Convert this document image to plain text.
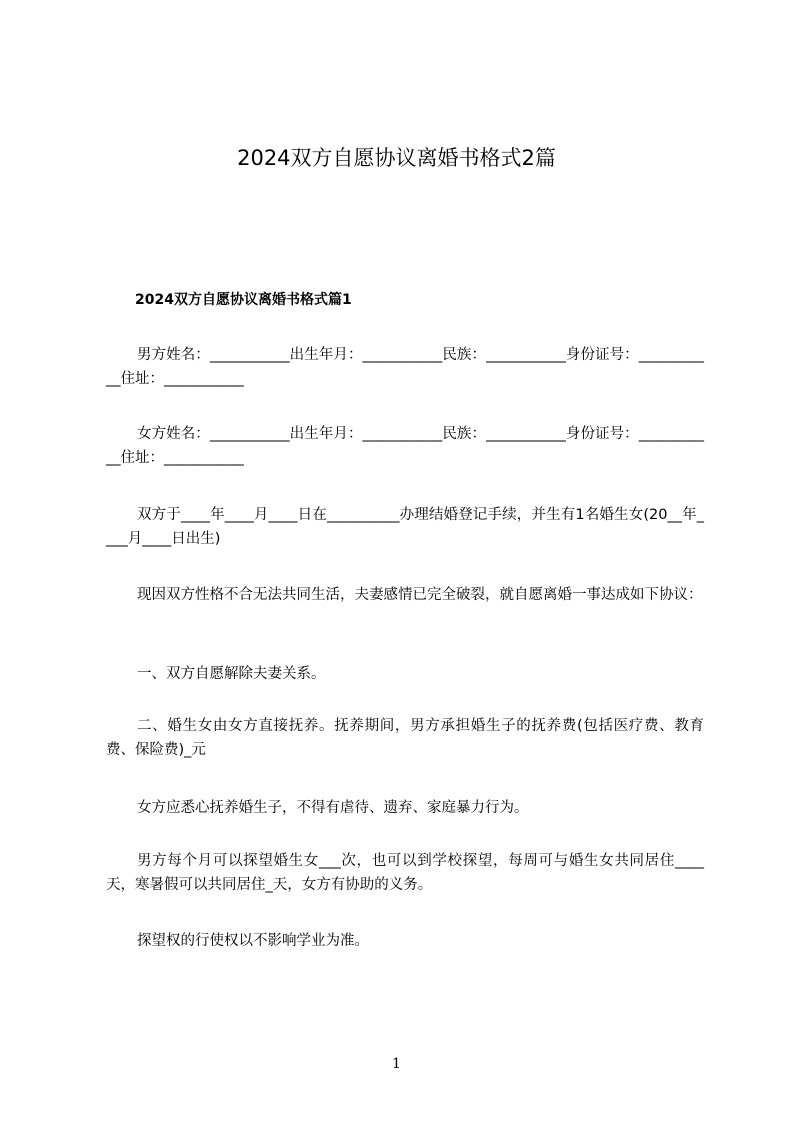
2024双方自愿协议离婚书格式2篇
2024双方自愿协议离婚书格式篇1

男方姓名：___________出生年月：___________民族：___________身份证号：___________住址：___________

女方姓名：___________出生年月：___________民族：___________身份证号：___________住址：___________

双方于____年____月____日在__________办理结婚登记手续，并生有1名婚生女(20__年____月____日出生)

现因双方性格不合无法共同生活，夫妻感情已完全破裂，就自愿离婚一事达成如下协议：

一、双方自愿解除夫妻关系。

二、婚生女由女方直接抚养。抚养期间，男方承担婚生子的抚养费(包括医疗费、教育费、保险费)_元

女方应悉心抚养婚生子，不得有虐待、遗弃、家庭暴力行为。

男方每个月可以探望婚生女___次，也可以到学校探望，每周可与婚生女共同居住____天，寒暑假可以共同居住_天，女方有协助的义务。

探望权的行使权以不影响学业为准。

1
